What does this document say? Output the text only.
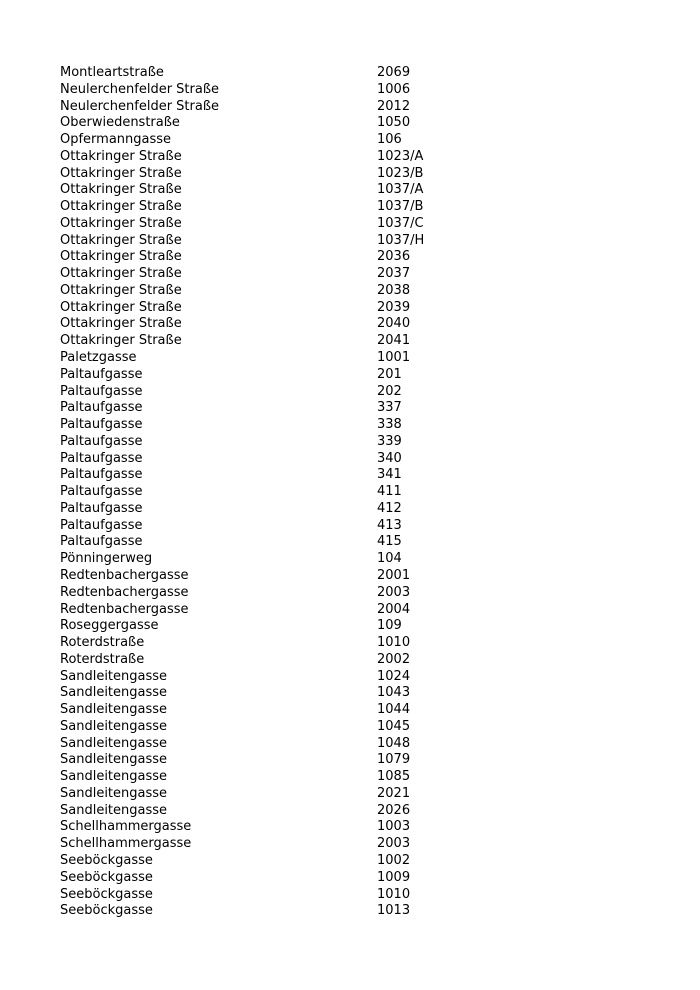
Montleartstraße	2069
Neulerchenfelder Straße	1006
Neulerchenfelder Straße	2012
Oberwiedenstraße	1050
Opfermanngasse	106
Ottakringer Straße	1023/A
Ottakringer Straße	1023/B
Ottakringer Straße	1037/A
Ottakringer Straße	1037/B
Ottakringer Straße	1037/C
Ottakringer Straße	1037/H
Ottakringer Straße	2036
Ottakringer Straße	2037
Ottakringer Straße	2038
Ottakringer Straße	2039
Ottakringer Straße	2040
Ottakringer Straße	2041
Paletzgasse	1001
Paltaufgasse	201
Paltaufgasse	202
Paltaufgasse	337
Paltaufgasse	338
Paltaufgasse	339
Paltaufgasse	340
Paltaufgasse	341
Paltaufgasse	411
Paltaufgasse	412
Paltaufgasse	413
Paltaufgasse	415
Pönningerweg	104
Redtenbachergasse	2001
Redtenbachergasse	2003
Redtenbachergasse	2004
Roseggergasse	109
Roterdstraße	1010
Roterdstraße	2002
Sandleitengasse	1024
Sandleitengasse	1043
Sandleitengasse	1044
Sandleitengasse	1045
Sandleitengasse	1048
Sandleitengasse	1079
Sandleitengasse	1085
Sandleitengasse	2021
Sandleitengasse	2026
Schellhammergasse	1003
Schellhammergasse	2003
Seeböckgasse	1002
Seeböckgasse	1009
Seeböckgasse	1010
Seeböckgasse	1013
